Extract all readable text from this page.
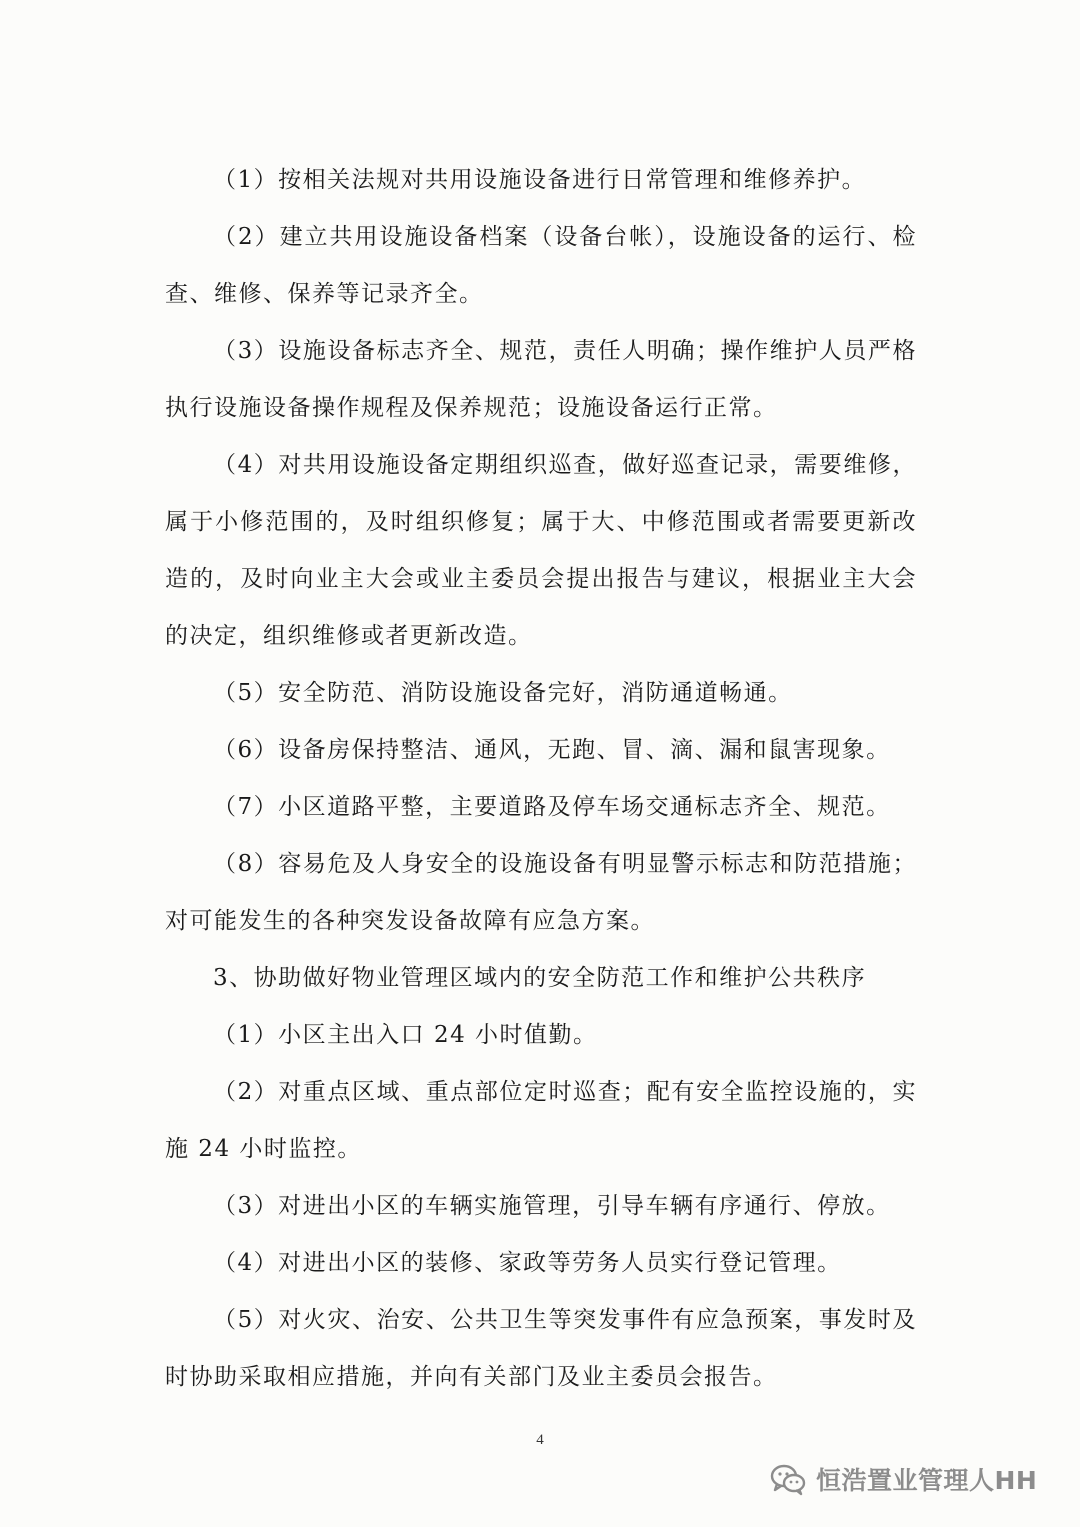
（1）按相关法规对共用设施设备进行日常管理和维修养护。

（2）建立共用设施设备档案（设备台帐），设施设备的运行、检查、维修、保养等记录齐全。

（3）设施设备标志齐全、规范，责任人明确；操作维护人员严格执行设施设备操作规程及保养规范；设施设备运行正常。

（4）对共用设施设备定期组织巡查，做好巡查记录，需要维修，属于小修范围的，及时组织修复；属于大、中修范围或者需要更新改造的，及时向业主大会或业主委员会提出报告与建议，根据业主大会的决定，组织维修或者更新改造。

（5）安全防范、消防设施设备完好，消防通道畅通。

（6）设备房保持整洁、通风，无跑、冒、滴、漏和鼠害现象。

（7）小区道路平整，主要道路及停车场交通标志齐全、规范。

（8）容易危及人身安全的设施设备有明显警示标志和防范措施；对可能发生的各种突发设备故障有应急方案。

3、协助做好物业管理区域内的安全防范工作和维护公共秩序

（1）小区主出入口 24 小时值勤。

（2）对重点区域、重点部位定时巡查；配有安全监控设施的，实施 24 小时监控。

（3）对进出小区的车辆实施管理，引导车辆有序通行、停放。

（4）对进出小区的装修、家政等劳务人员实行登记管理。

（5）对火灾、治安、公共卫生等突发事件有应急预案，事发时及时协助采取相应措施，并向有关部门及业主委员会报告。

4
恒浩置业管理人HH
